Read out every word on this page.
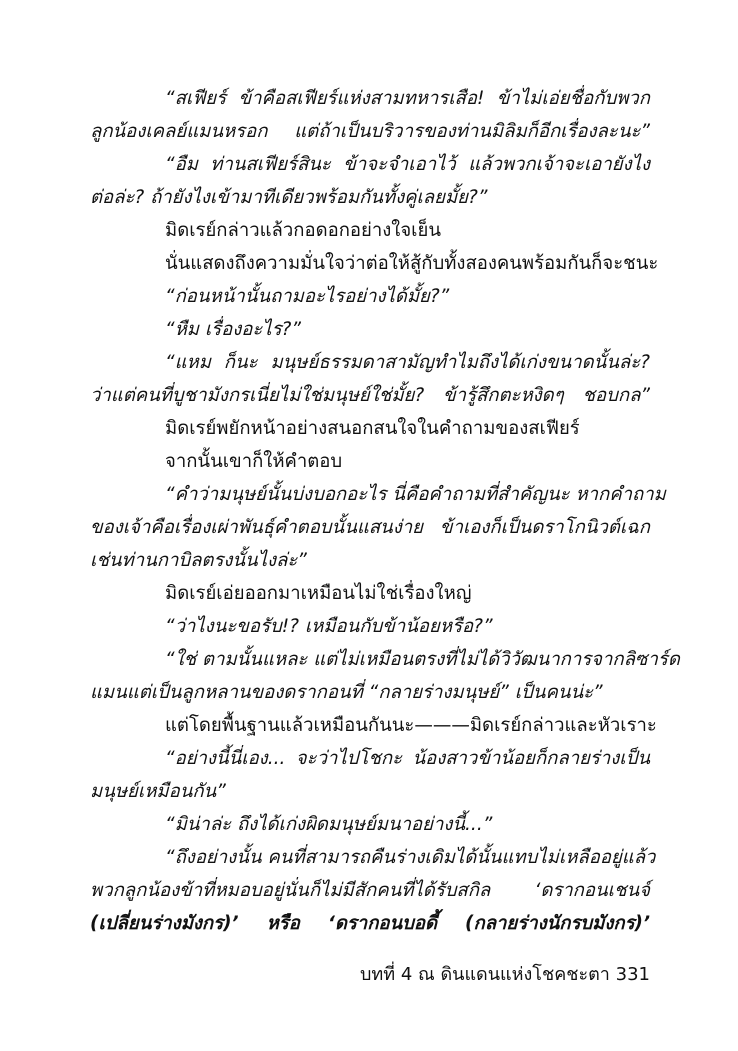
“สเฟียร์ ข้าคือสเฟียร์แห่งสามทหารเสือ! ข้าไม่เอ่ยชื่อกับพวก
ลูกน้องเคลย์แมนหรอก แต่ถ้าเป็นบริวารของท่านมิลิมก็อีกเรื่องละนะ”
“อืม ท่านสเฟียร์สินะ ข้าจะจำเอาไว้ แล้วพวกเจ้าจะเอายังไง
ต่อล่ะ? ถ้ายังไงเข้ามาทีเดียวพร้อมกันทั้งคู่เลยมั้ย?”
มิดเรย์กล่าวแล้วกอดอกอย่างใจเย็น
นั่นแสดงถึงความมั่นใจว่าต่อให้สู้กับทั้งสองคนพร้อมกันก็จะชนะ
“ก่อนหน้านั้นถามอะไรอย่างได้มั้ย?”
“หืม เรื่องอะไร?”
“แหม ก็นะ มนุษย์ธรรมดาสามัญทำไมถึงได้เก่งขนาดนั้นล่ะ?
ว่าแต่คนที่บูชามังกรเนี่ยไม่ใช่มนุษย์ใช่มั้ย? ข้ารู้สึกตะหงิดๆ ชอบกล”
มิดเรย์พยักหน้าอย่างสนอกสนใจในคำถามของสเฟียร์
จากนั้นเขาก็ให้คำตอบ
“คำว่ามนุษย์นั้นบ่งบอกอะไร นี่คือคำถามที่สำคัญนะ หากคำถาม
ของเจ้าคือเรื่องเผ่าพันธุ์คำตอบนั้นแสนง่าย ข้าเองก็เป็นดราโกนิวต์เฉก
เช่นท่านกาบิลตรงนั้นไงล่ะ”
มิดเรย์เอ่ยออกมาเหมือนไม่ใช่เรื่องใหญ่
“ว่าไงนะขอรับ!? เหมือนกับข้าน้อยหรือ?”
“ใช่ ตามนั้นแหละ แต่ไม่เหมือนตรงที่ไม่ได้วิวัฒนาการจากลิซาร์ด
แมนแต่เป็นลูกหลานของดรากอนที่ “กลายร่างมนุษย์” เป็นคนน่ะ”
แต่โดยพื้นฐานแล้วเหมือนกันนะ———มิดเรย์กล่าวและหัวเราะ
“อย่างนี้นี่เอง... จะว่าไปโชกะ น้องสาวข้าน้อยก็กลายร่างเป็น
มนุษย์เหมือนกัน”
“มิน่าล่ะ ถึงได้เก่งผิดมนุษย์มนาอย่างนี้...”
“ถึงอย่างนั้น คนที่สามารถคืนร่างเดิมได้นั้นแทบไม่เหลืออยู่แล้ว
พวกลูกน้องข้าที่หมอบอยู่นั่นก็ไม่มีสักคนที่ได้รับสกิล ‘ดรากอนเชนจ์
(เปลี่ยนร่างมังกร)’ หรือ ‘ดรากอนบอดี้ (กลายร่างนักรบมังกร)’
บทที่ 4 ณ ดินแดนแห่งโชคชะตา 331
